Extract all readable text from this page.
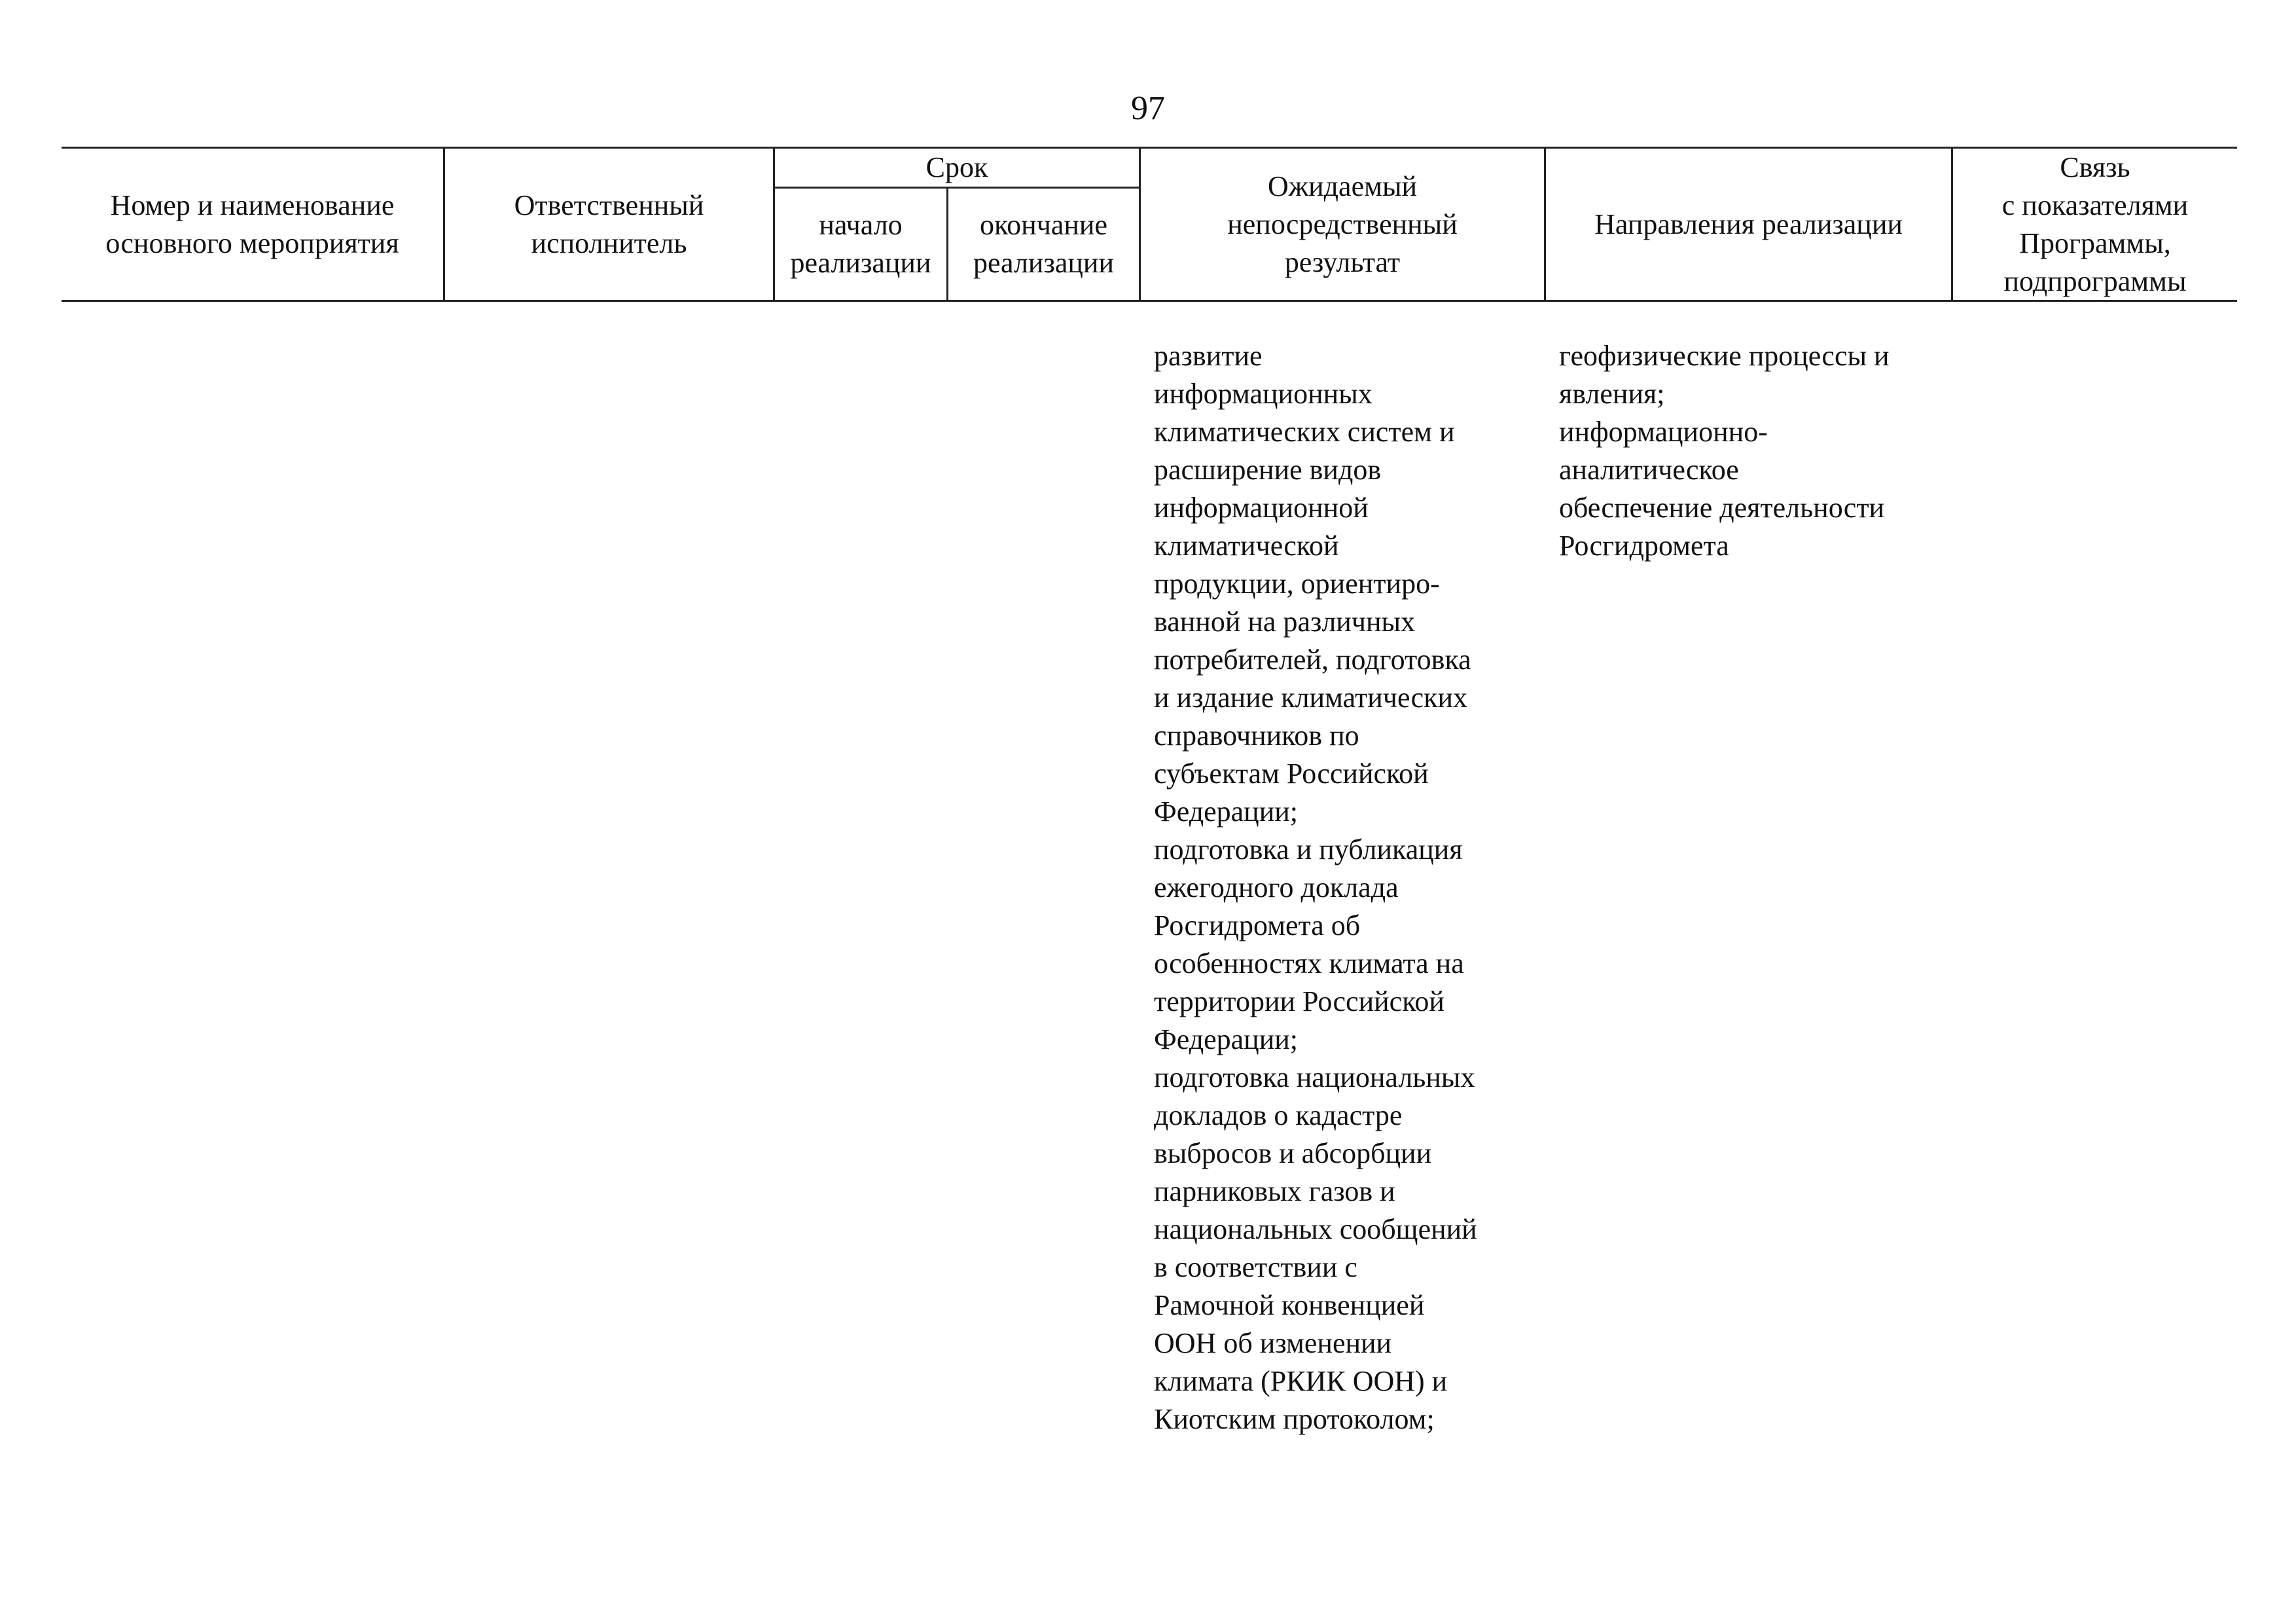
97
Номер и наименование
основного мероприятия
Ответственный
исполнитель
Срок
начало
реализации
окончание
реализации
Ожидаемый
непосредственный
результат
Направления реализации
Связь
с показателями
Программы,
подпрограммы
развитие
информационных
климатических систем и
расширение видов
информационной
климатической
продукции, ориентиро-
ванной на различных
потребителей, подготовка
и издание климатических
справочников по
субъектам Российской
Федерации;
подготовка и публикация
ежегодного доклада
Росгидромета об
особенностях климата на
территории Российской
Федерации;
подготовка национальных
докладов о кадастре
выбросов и абсорбции
парниковых газов и
национальных сообщений
в соответствии с
Рамочной конвенцией
ООН об изменении
климата (РКИК ООН) и
Киотским протоколом;
геофизические процессы и
явления;
информационно-
аналитическое
обеспечение деятельности
Росгидромета
